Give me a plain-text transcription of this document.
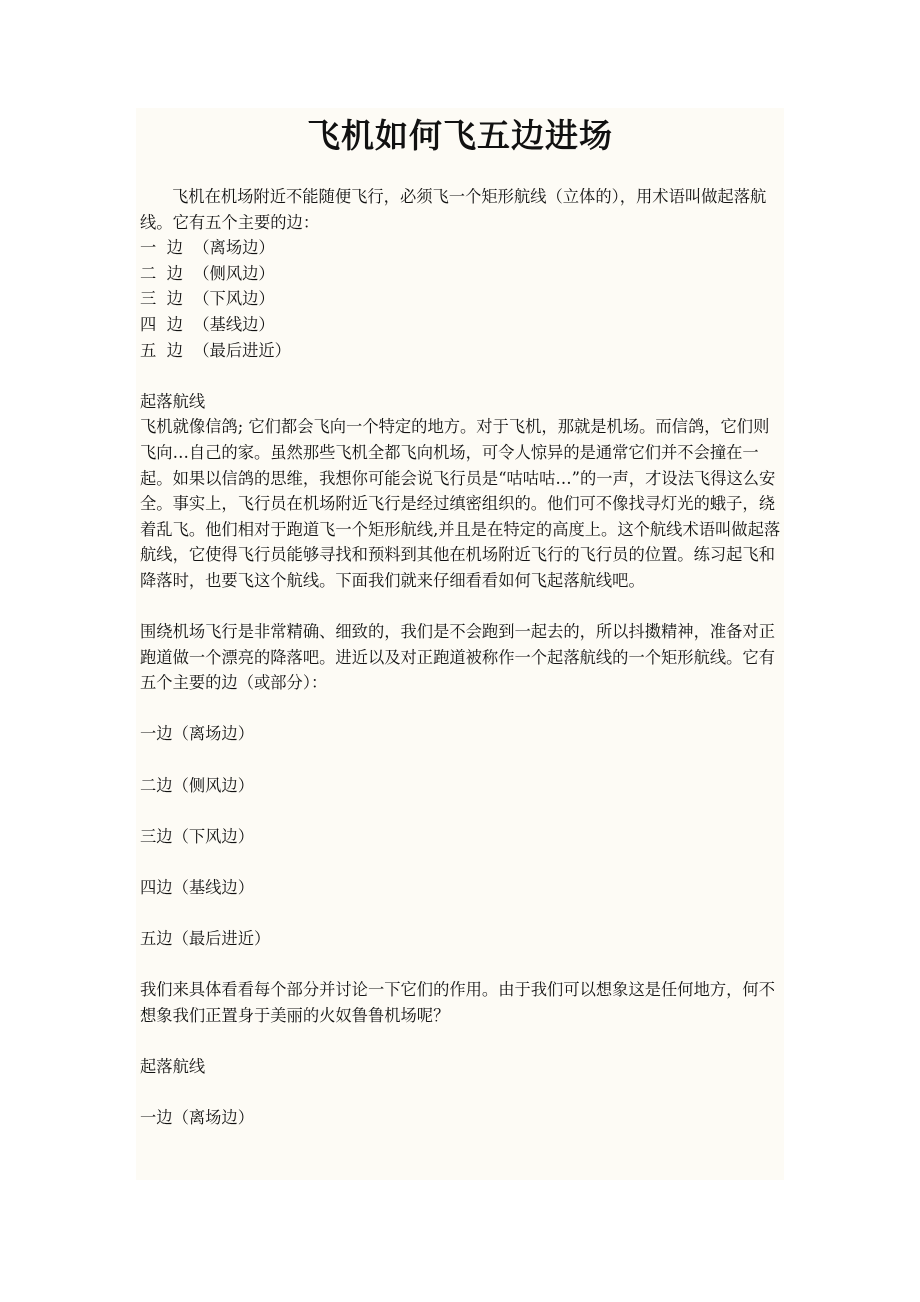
飞机如何飞五边进场

飞机在机场附近不能随便飞行，必须飞一个矩形航线（立体的），用术语叫做起落航线。它有五个主要的边：

一  边  （离场边）

二  边  （侧风边）

三  边  （下风边）

四  边  （基线边）

五  边  （最后进近）

起落航线

飞机就像信鸽; 它们都会飞向一个特定的地方。对于飞机，那就是机场。而信鸽，它们则飞向…自己的家。虽然那些飞机全都飞向机场，可令人惊异的是通常它们并不会撞在一起。如果以信鸽的思维，我想你可能会说飞行员是“咕咕咕…”的一声，才设法飞得这么安全。事实上，飞行员在机场附近飞行是经过缜密组织的。他们可不像找寻灯光的蛾子，绕着乱飞。他们相对于跑道飞一个矩形航线,并且是在特定的高度上。这个航线术语叫做起落航线，它使得飞行员能够寻找和预料到其他在机场附近飞行的飞行员的位置。练习起飞和降落时，也要飞这个航线。下面我们就来仔细看看如何飞起落航线吧。

围绕机场飞行是非常精确、细致的，我们是不会跑到一起去的，所以抖擞精神，准备对正跑道做一个漂亮的降落吧。进近以及对正跑道被称作一个起落航线的一个矩形航线。它有五个主要的边（或部分）：

一边（离场边）

二边（侧风边）

三边（下风边）

四边（基线边）

五边（最后进近）

我们来具体看看每个部分并讨论一下它们的作用。由于我们可以想象这是任何地方，何不想象我们正置身于美丽的火奴鲁鲁机场呢？

起落航线

一边（离场边）
